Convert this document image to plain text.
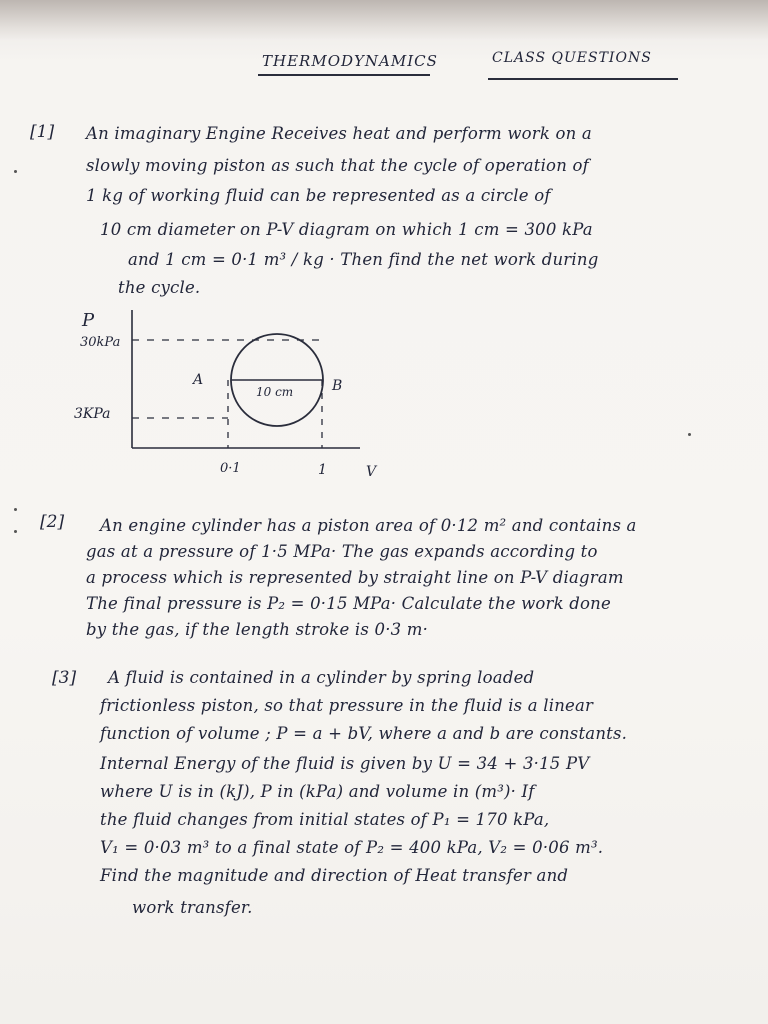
THERMODYNAMICS	CLASS QUESTIONS
[1] An imaginary Engine Receives heat and perform work on a
slowly moving piston as such that the cycle of operation of
1 kg of working fluid can be represented as a circle of
10 cm diameter on P-V diagram on which 1 cm = 300 kPa
and 1 cm = 0·1 m³ / kg · Then find the net work during
the cycle.
P
30kPa
3KPa
A	B
10 cm
0·1	1	V
[2] An engine cylinder has a piston area of 0·12 m² and contains a
gas at a pressure of 1·5 MPa· The gas expands according to
a process which is represented by straight line on P-V diagram
The final pressure is P₂ = 0·15 MPa· Calculate the work done
by the gas, if the length stroke is 0·3 m·
[3] A fluid is contained in a cylinder by spring loaded
frictionless piston, so that pressure in the fluid is a linear
function of volume ; P = a + bV, where a and b are constants.
Internal Energy of the fluid is given by U = 34 + 3·15 PV
where U is in (kJ), P in (kPa) and volume in (m³)· If
the fluid changes from initial states of P₁ = 170 kPa,
V₁ = 0·03 m³ to a final state of P₂ = 400 kPa, V₂ = 0·06 m³.
Find the magnitude and direction of Heat transfer and
work transfer.
